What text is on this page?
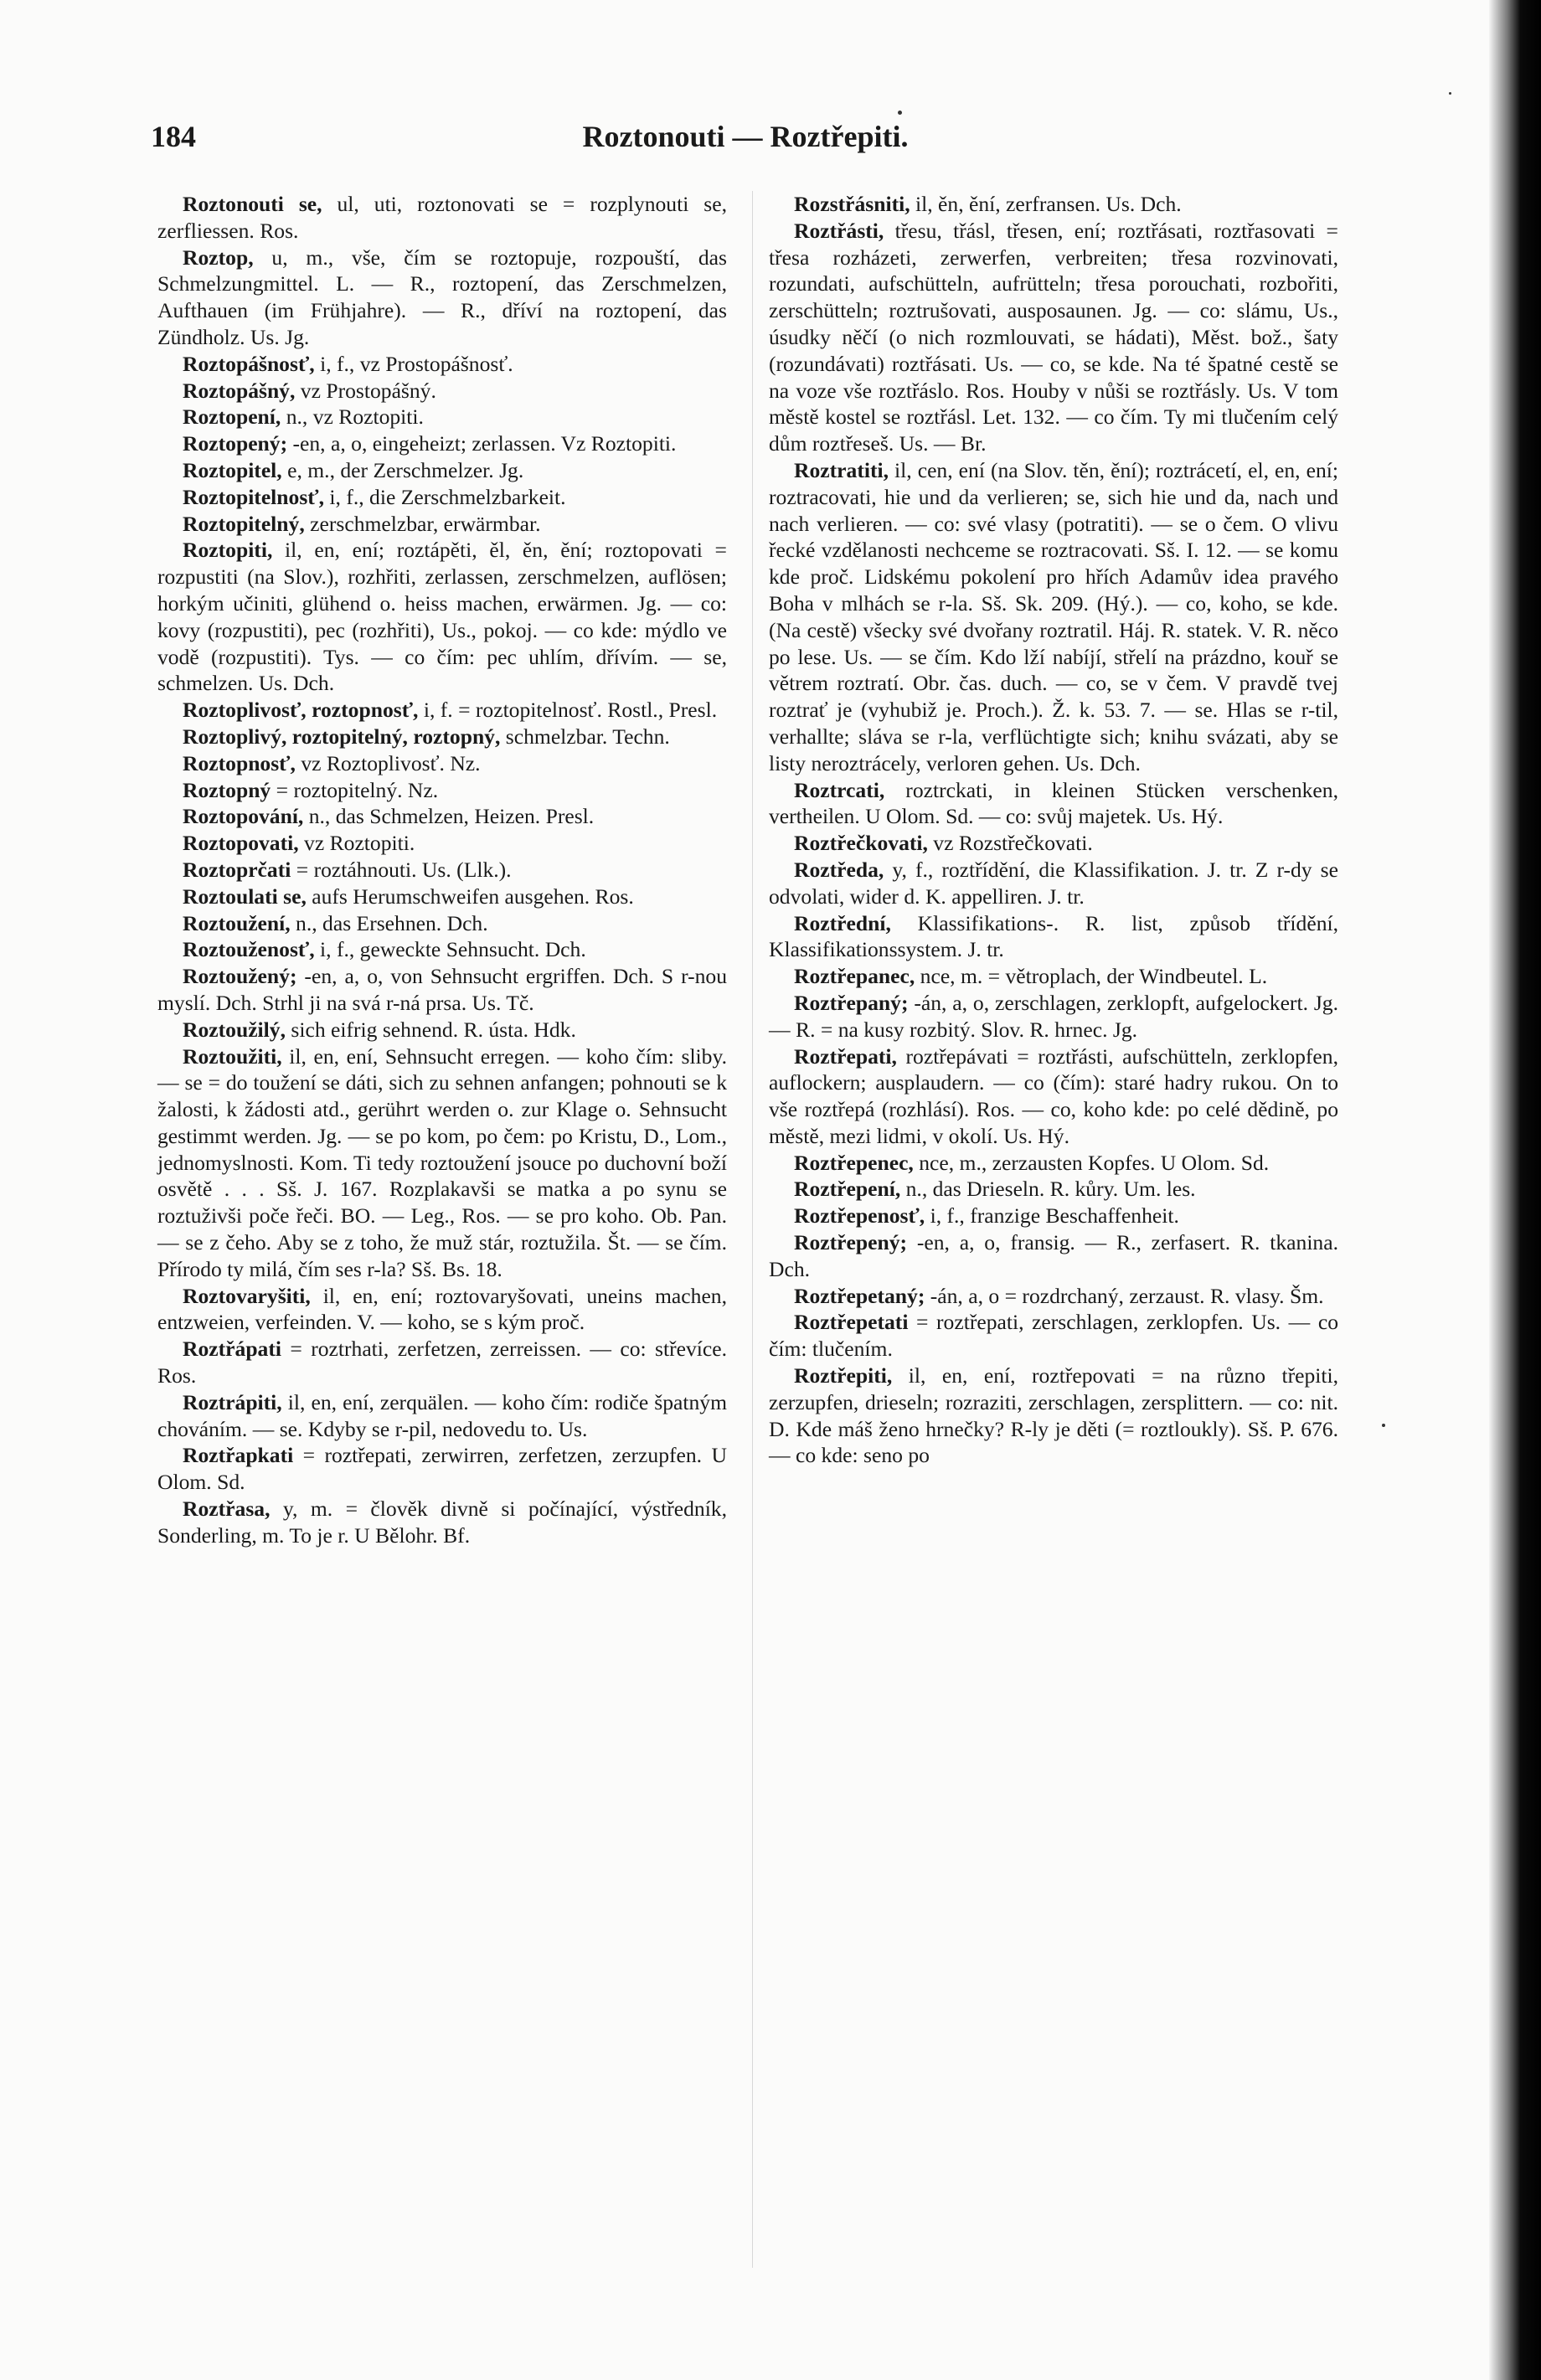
184	Roztonouti — Roztřepiti.

Roztonouti se, ul, uti, roztonovati se = rozplynouti se, zerfliessen. Ros.

Roztop, u, m., vše, čím se roztopuje, rozpouští, das Schmelzungmittel. L. — R., roztopení, das Zerschmelzen, Aufthauen (im Frühjahre). — R., dříví na roztopení, das Zündholz. Us. Jg.

Roztopášnosť, i, f., vz Prostopášnosť.

Roztopášný, vz Prostopášný.

Roztopení, n., vz Roztopiti.

Roztopený; -en, a, o, eingeheizt; zerlassen. Vz Roztopiti.

Roztopitel, e, m., der Zerschmelzer. Jg.

Roztopitelnosť, i, f., die Zerschmelzbarkeit.

Roztopitelný, zerschmelzbar, erwärmbar.

Roztopiti, il, en, ení; roztápěti, ěl, ěn, ění; roztopovati = rozpustiti (na Slov.), rozhřiti, zerlassen, zerschmelzen, auflösen; horkým učiniti, glühend o. heiss machen, erwärmen. Jg. — co: kovy (rozpustiti), pec (rozhřiti), Us., pokoj. — co kde: mýdlo ve vodě (rozpustiti). Tys. — co čím: pec uhlím, dřívím. — se, schmelzen. Us. Dch.

Roztoplivosť, roztopnosť, i, f. = roztopitelnosť. Rostl., Presl.

Roztoplivý, roztopitelný, roztopný, schmelzbar. Techn.

Roztopnosť, vz Roztoplivosť. Nz.

Roztopný = roztopitelný. Nz.

Roztopování, n., das Schmelzen, Heizen. Presl.

Roztopovati, vz Roztopiti.

Roztoprčati = roztáhnouti. Us. (Llk.).

Roztoulati se, aufs Herumschweifen ausgehen. Ros.

Roztoužení, n., das Ersehnen. Dch.

Roztouženosť, i, f., geweckte Sehnsucht. Dch.

Roztoužený; -en, a, o, von Sehnsucht ergriffen. Dch. S r-nou myslí. Dch. Strhl ji na svá r-ná prsa. Us. Tč.

Roztoužilý, sich eifrig sehnend. R. ústa. Hdk.

Roztoužiti, il, en, ení, Sehnsucht erregen. — koho čím: sliby. — se = do toužení se dáti, sich zu sehnen anfangen; pohnouti se k žalosti, k žádosti atd., gerührt werden o. zur Klage o. Sehnsucht gestimmt werden. Jg. — se po kom, po čem: po Kristu, D., Lom., jednomyslnosti. Kom. Ti tedy roztoužení jsouce po duchovní boží osvětě . . . Sš. J. 167. Rozplakavši se matka a po synu se roztuživši poče řeči. BO. — Leg., Ros. — se pro koho. Ob. Pan. — se z čeho. Aby se z toho, že muž stár, roztužila. Št. — se čím. Přírodo ty milá, čím ses r-la? Sš. Bs. 18.

Roztovaryšiti, il, en, ení; roztovaryšovati, uneins machen, entzweien, verfeinden. V. — koho, se s kým proč.

Roztřápati = roztrhati, zerfetzen, zerreissen. — co: střevíce. Ros.

Roztrápiti, il, en, ení, zerquälen. — koho čím: rodiče špatným chováním. — se. Kdyby se r-pil, nedovedu to. Us.

Roztřapkati = roztřepati, zerwirren, zerfetzen, zerzupfen. U Olom. Sd.

Roztřasa, y, m. = člověk divně si počínající, výstředník, Sonderling, m. To je r. U Bělohr. Bf.

Rozstřásniti, il, ěn, ění, zerfransen. Us. Dch.

Roztřásti, třesu, třásl, třesen, ení; roztřásati, roztřasovati = třesa rozházeti, zerwerfen, verbreiten; třesa rozvinovati, rozundati, aufschütteln, aufrütteln; třesa porouchati, rozbořiti, zerschütteln; roztrušovati, ausposaunen. Jg. — co: slámu, Us., úsudky něčí (o nich rozmlouvati, se hádati), Měst. bož., šaty (rozundávati) roztřásati. Us. — co, se kde. Na té špatné cestě se na voze vše roztřáslo. Ros. Houby v nůši se roztřásly. Us. V tom městě kostel se roztřásl. Let. 132. — co čím. Ty mi tlučením celý dům roztřeseš. Us. — Br.

Roztratiti, il, cen, ení (na Slov. těn, ění); roztrácetí, el, en, ení; roztracovati, hie und da verlieren; se, sich hie und da, nach und nach verlieren. — co: své vlasy (potratiti). — se o čem. O vlivu řecké vzdělanosti nechceme se roztracovati. Sš. I. 12. — se komu kde proč. Lidskému pokolení pro hřích Adamův idea pravého Boha v mlhách se r-la. Sš. Sk. 209. (Hý.). — co, koho, se kde. (Na cestě) všecky své dvořany roztratil. Háj. R. statek. V. R. něco po lese. Us. — se čím. Kdo lží nabíjí, střelí na prázdno, kouř se větrem roztratí. Obr. čas. duch. — co, se v čem. V pravdě tvej roztrať je (vyhubiž je. Proch.). Ž. k. 53. 7. — se. Hlas se r-til, verhallte; sláva se r-la, verflüchtigte sich; knihu svázati, aby se listy neroztrácely, verloren gehen. Us. Dch.

Roztrcati, roztrckati, in kleinen Stücken verschenken, vertheilen. U Olom. Sd. — co: svůj majetek. Us. Hý.

Roztřečkovati, vz Rozstřečkovati.

Roztředa, y, f., roztřídění, die Klassifikation. J. tr. Z r-dy se odvolati, wider d. K. appelliren. J. tr.

Roztřední, Klassifikations-. R. list, způsob třídění, Klassifikationssystem. J. tr.

Roztřepanec, nce, m. = větroplach, der Windbeutel. L.

Roztřepaný; -án, a, o, zerschlagen, zerklopft, aufgelockert. Jg. — R. = na kusy rozbitý. Slov. R. hrnec. Jg.

Roztřepati, roztřepávati = roztřásti, aufschütteln, zerklopfen, auflockern; ausplaudern. — co (čím): staré hadry rukou. On to vše roztřepá (rozhlásí). Ros. — co, koho kde: po celé dědině, po městě, mezi lidmi, v okolí. Us. Hý.

Roztřepenec, nce, m., zerzausten Kopfes. U Olom. Sd.

Roztřepení, n., das Drieseln. R. kůry. Um. les.

Roztřepenosť, i, f., franzige Beschaffenheit.

Roztřepený; -en, a, o, fransig. — R., zerfasert. R. tkanina. Dch.

Roztřepetaný; -án, a, o = rozdrchaný, zerzaust. R. vlasy. Šm.

Roztřepetati = roztřepati, zerschlagen, zerklopfen. Us. — co čím: tlučením.

Roztřepiti, il, en, ení, roztřepovati = na různo třepiti, zerzupfen, drieseln; rozraziti, zerschlagen, zersplittern. — co: nit. D. Kde máš ženo hrnečky? R-ly je děti (= roztloukly). Sš. P. 676. — co kde: seno po
